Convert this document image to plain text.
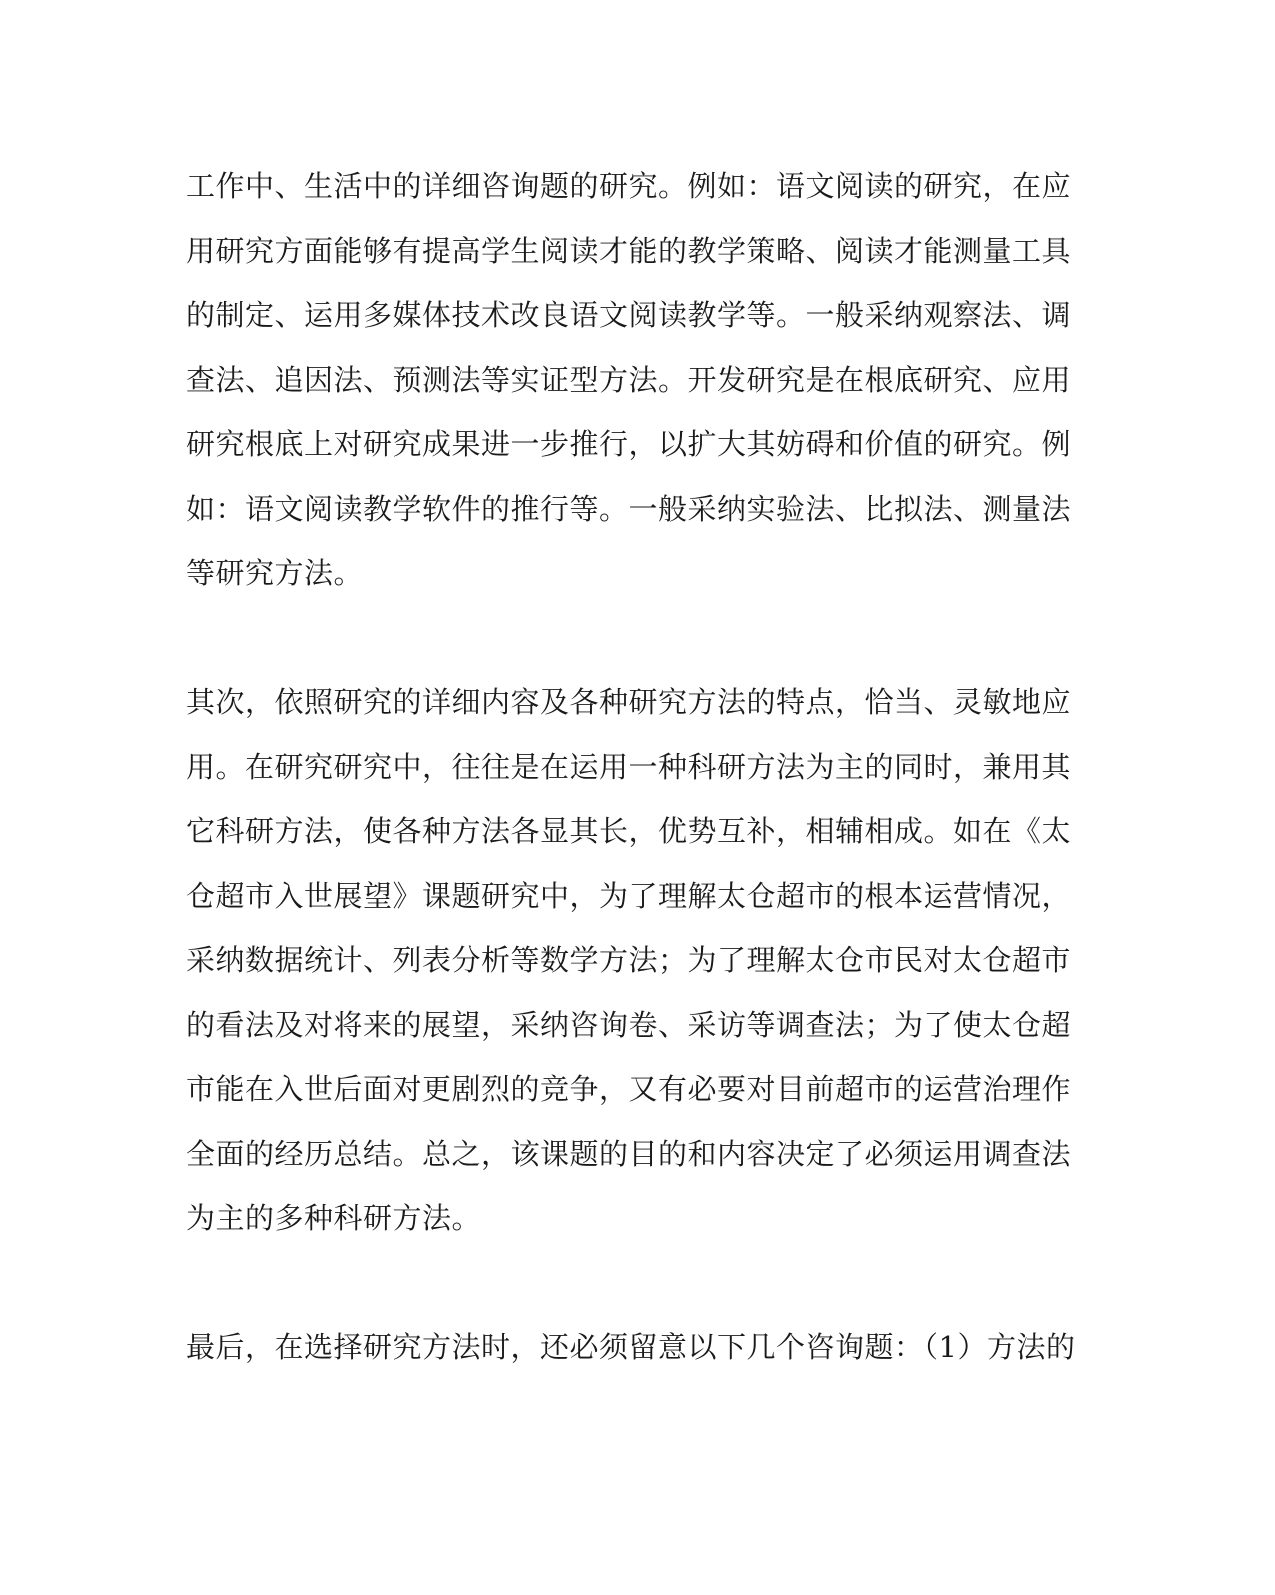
工作中、生活中的详细咨询题的研究。例如：语文阅读的研究，在应

用研究方面能够有提高学生阅读才能的教学策略、阅读才能测量工具

的制定、运用多媒体技术改良语文阅读教学等。一般采纳观察法、调

查法、追因法、预测法等实证型方法。开发研究是在根底研究、应用

研究根底上对研究成果进一步推行，以扩大其妨碍和价值的研究。例

如：语文阅读教学软件的推行等。一般采纳实验法、比拟法、测量法

等研究方法。

其次，依照研究的详细内容及各种研究方法的特点，恰当、灵敏地应

用。在研究研究中，往往是在运用一种科研方法为主的同时，兼用其

它科研方法，使各种方法各显其长，优势互补，相辅相成。如在《太

仓超市入世展望》课题研究中，为了理解太仓超市的根本运营情况，

采纳数据统计、列表分析等数学方法；为了理解太仓市民对太仓超市

的看法及对将来的展望，采纳咨询卷、采访等调查法；为了使太仓超

市能在入世后面对更剧烈的竞争，又有必要对目前超市的运营治理作

全面的经历总结。总之，该课题的目的和内容决定了必须运用调查法

为主的多种科研方法。

最后，在选择研究方法时，还必须留意以下几个咨询题：（1）方法的
